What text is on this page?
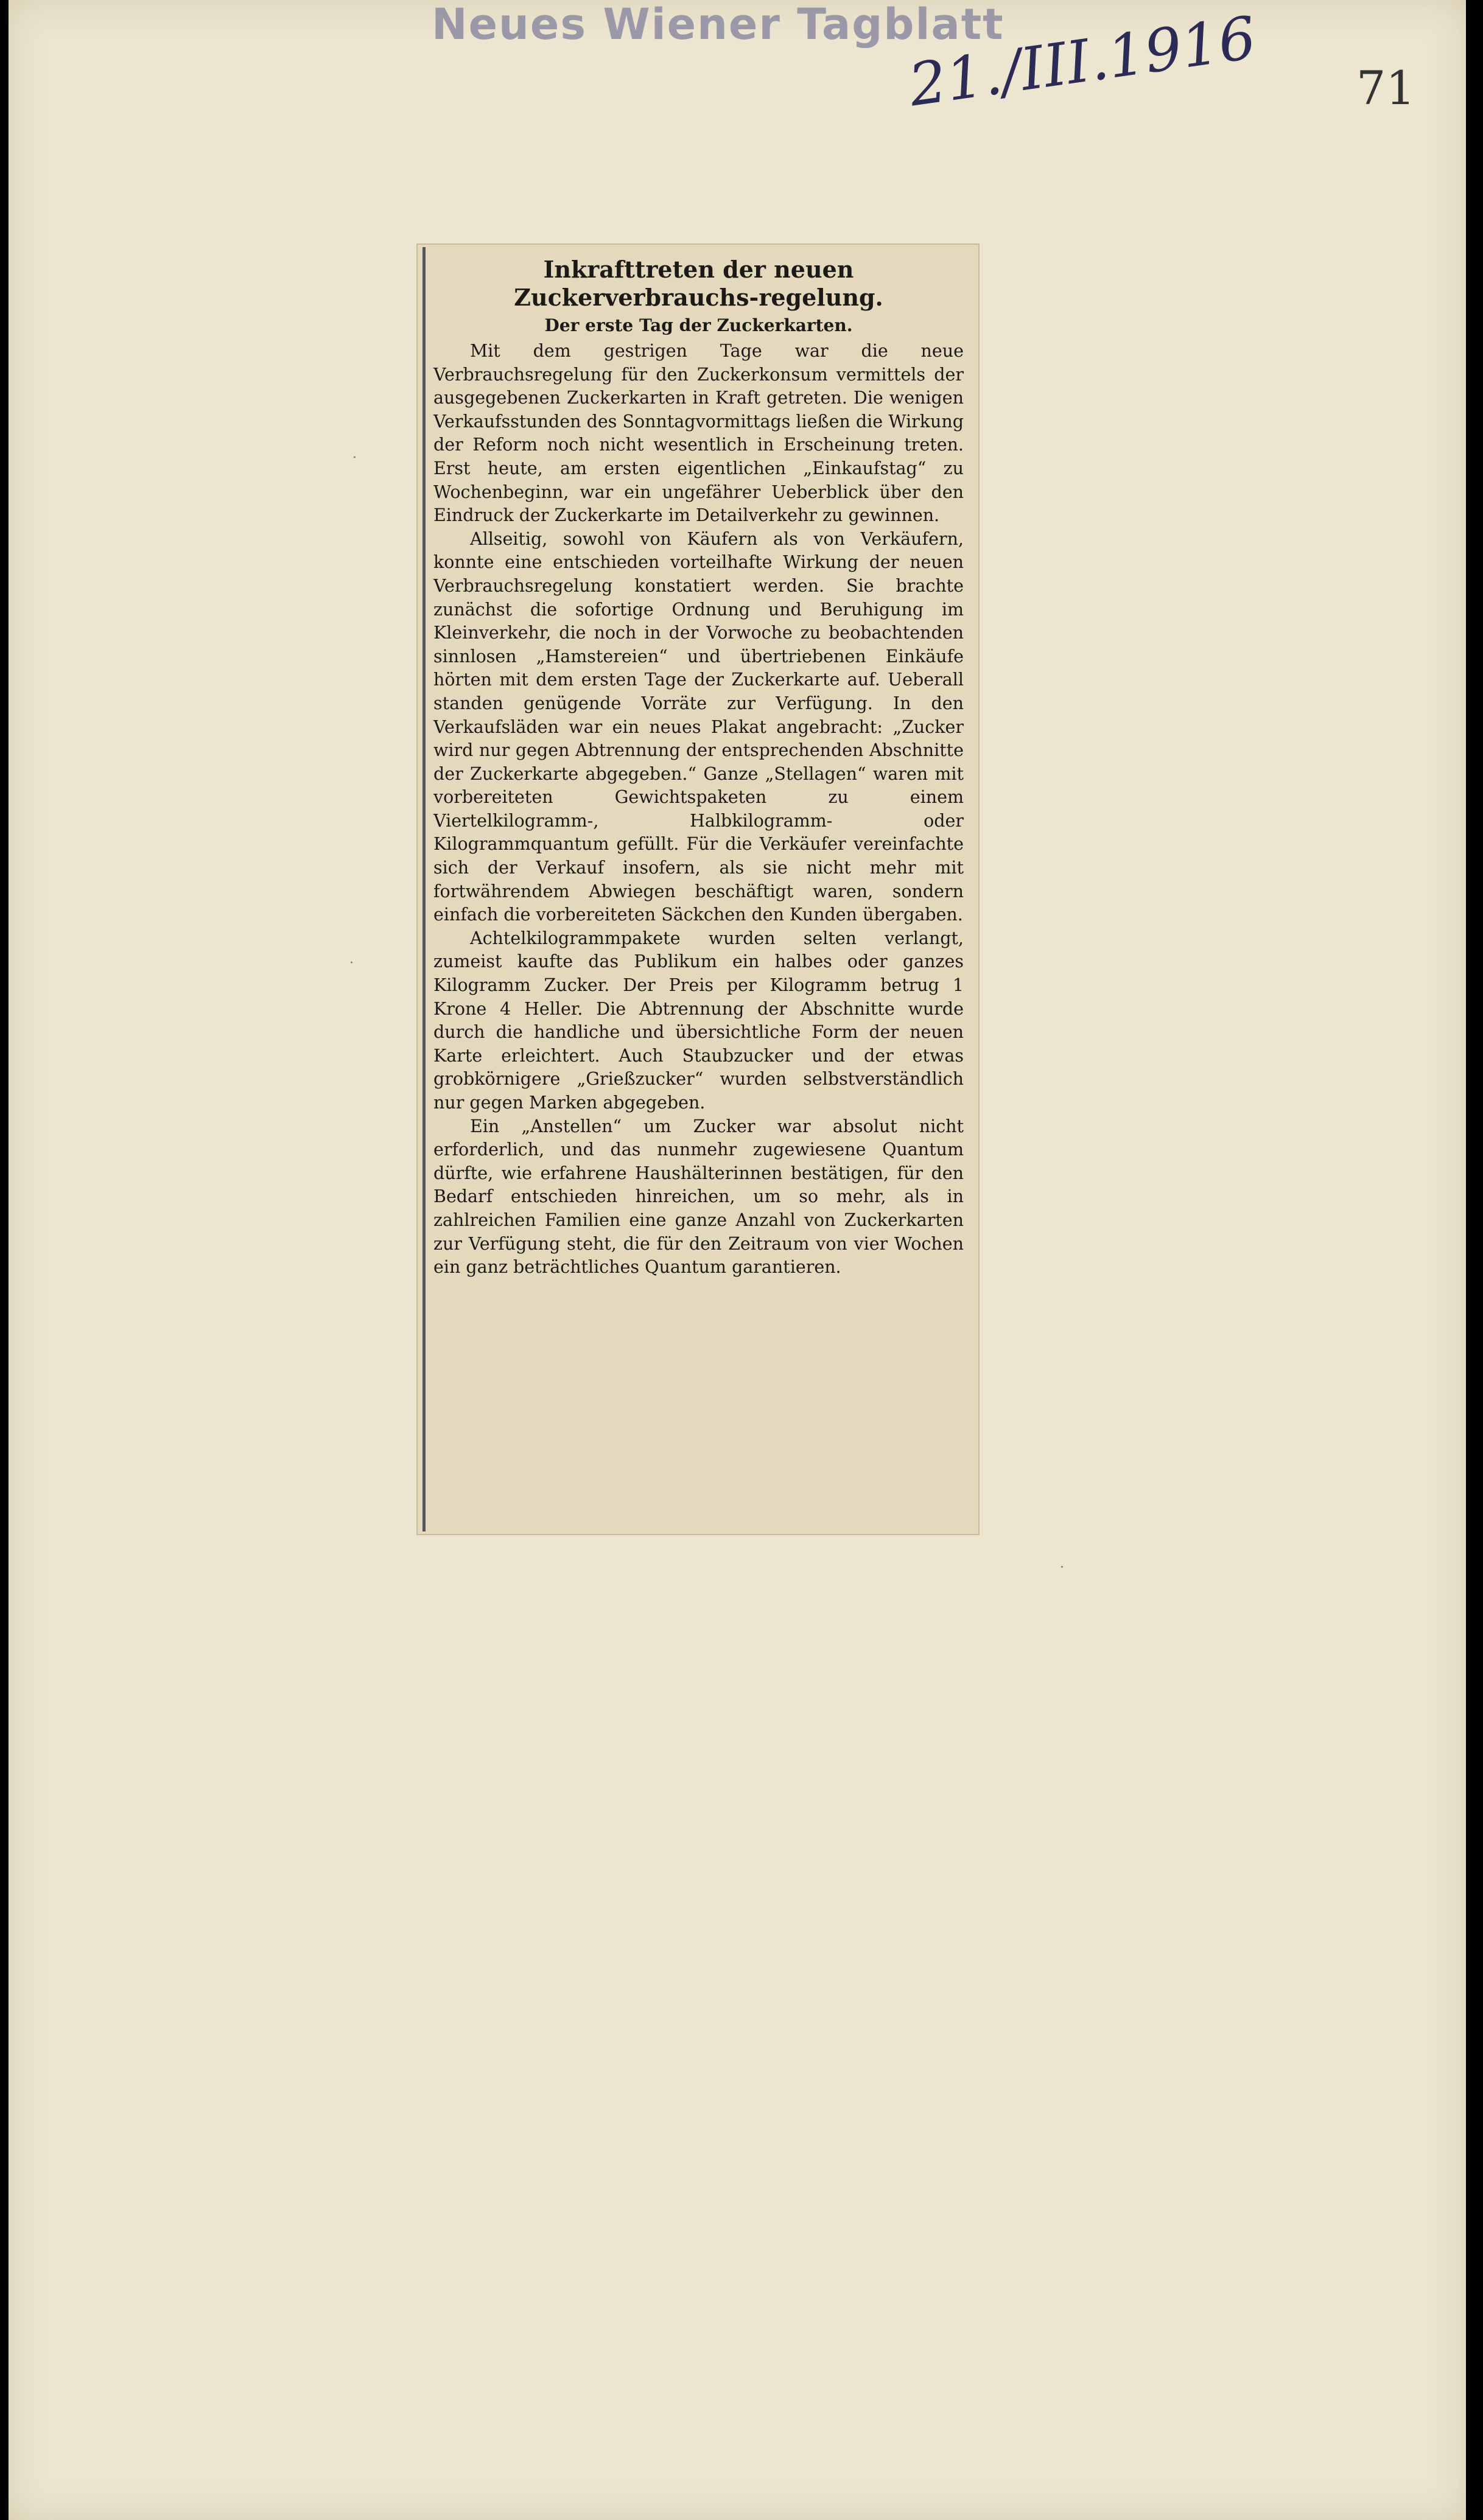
Neues Wiener Tagblatt
21./III.1916 71
·
·
·
Inkrafttreten der neuen Zuckerverbrauchs-regelung.
Der erste Tag der Zuckerkarten.

Mit dem gestrigen Tage war die neue Verbrauchsregelung für den Zuckerkonsum vermittels der ausgegebenen Zuckerkarten in Kraft getreten. Die wenigen Verkaufsstunden des Sonntagvormittags ließen die Wirkung der Reform noch nicht wesentlich in Erscheinung treten. Erst heute, am ersten eigentlichen „Einkaufstag“ zu Wochenbeginn, war ein ungefährer Ueberblick über den Eindruck der Zuckerkarte im Detailverkehr zu gewinnen.

Allseitig, sowohl von Käufern als von Verkäufern, konnte eine entschieden vorteilhafte Wirkung der neuen Verbrauchsregelung konstatiert werden. Sie brachte zunächst die sofortige Ordnung und Beruhigung im Kleinverkehr, die noch in der Vorwoche zu beobachtenden sinnlosen „Hamstereien“ und übertriebenen Einkäufe hörten mit dem ersten Tage der Zuckerkarte auf. Ueberall standen genügende Vorräte zur Verfügung. In den Verkaufsläden war ein neues Plakat angebracht: „Zucker wird nur gegen Abtrennung der entsprechenden Abschnitte der Zuckerkarte abgegeben.“ Ganze „Stellagen“ waren mit vorbereiteten Gewichtspaketen zu einem Viertelkilogramm-, Halbkilogramm- oder Kilogrammquantum gefüllt. Für die Verkäufer vereinfachte sich der Verkauf insofern, als sie nicht mehr mit fortwährendem Abwiegen beschäftigt waren, sondern einfach die vorbereiteten Säckchen den Kunden übergaben.

Achtelkilogrammpakete wurden selten verlangt, zumeist kaufte das Publikum ein halbes oder ganzes Kilogramm Zucker. Der Preis per Kilogramm betrug 1 Krone 4 Heller. Die Abtrennung der Abschnitte wurde durch die handliche und übersichtliche Form der neuen Karte erleichtert. Auch Staubzucker und der etwas grobkörnigere „Grießzucker“ wurden selbstverständlich nur gegen Marken abgegeben.

Ein „Anstellen“ um Zucker war absolut nicht erforderlich, und das nunmehr zugewiesene Quantum dürfte, wie erfahrene Haushälterinnen bestätigen, für den Bedarf entschieden hinreichen, um so mehr, als in zahlreichen Familien eine ganze Anzahl von Zuckerkarten zur Verfügung steht, die für den Zeitraum von vier Wochen ein ganz beträchtliches Quantum garantieren.
